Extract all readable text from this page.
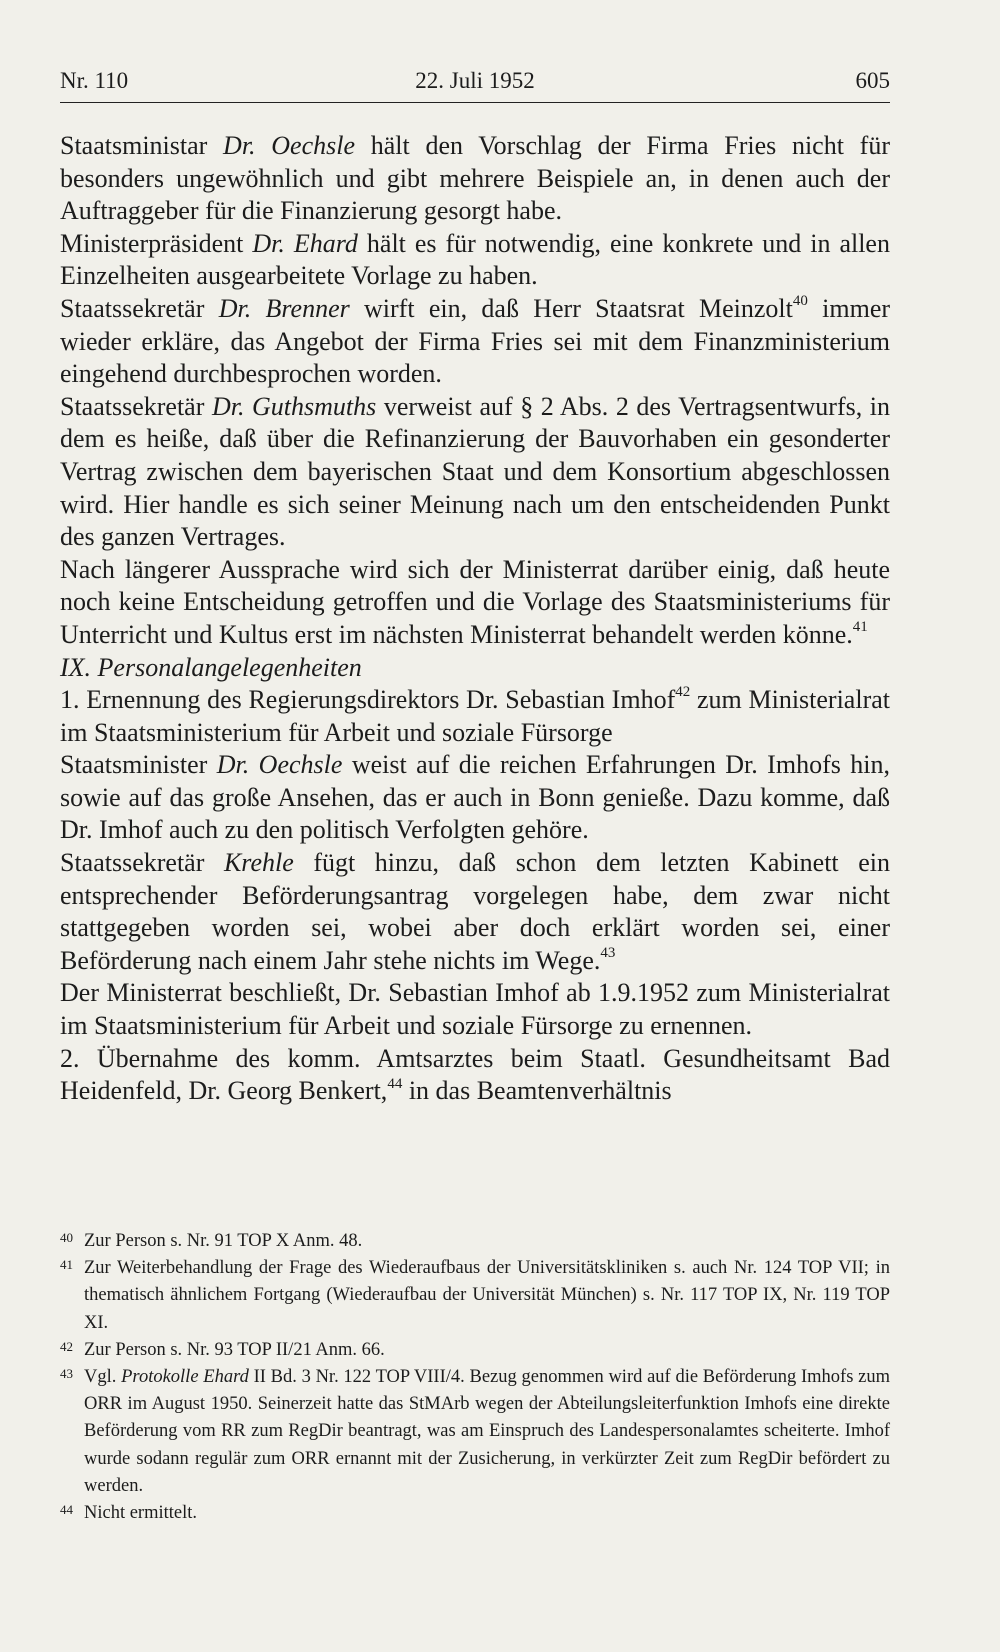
Nr. 110	22. Juli 1952	605

Staatsministar Dr. Oechsle hält den Vorschlag der Firma Fries nicht für besonders ungewöhnlich und gibt mehrere Beispiele an, in denen auch der Auftraggeber für die Finanzierung gesorgt habe.

Ministerpräsident Dr. Ehard hält es für notwendig, eine konkrete und in allen Einzelheiten ausgearbeitete Vorlage zu haben.

Staatssekretär Dr. Brenner wirft ein, daß Herr Staatsrat Meinzolt$^{40}$ immer wieder erkläre, das Angebot der Firma Fries sei mit dem Finanzministerium eingehend durchbesprochen worden.

Staatssekretär Dr. Guthsmuths verweist auf § 2 Abs. 2 des Vertragsentwurfs, in dem es heiße, daß über die Refinanzierung der Bauvorhaben ein gesonderter Vertrag zwischen dem bayerischen Staat und dem Konsortium abgeschlossen wird. Hier handle es sich seiner Meinung nach um den entscheidenden Punkt des ganzen Vertrages.

Nach längerer Aussprache wird sich der Ministerrat darüber einig, daß heute noch keine Entscheidung getroffen und die Vorlage des Staatsministeriums für Unterricht und Kultus erst im nächsten Ministerrat behandelt werden könne.$^{41}$

IX. Personalangelegenheiten

1. Ernennung des Regierungsdirektors Dr. Sebastian Imhof$^{42}$ zum Ministerialrat im Staatsministerium für Arbeit und soziale Fürsorge

Staatsminister Dr. Oechsle weist auf die reichen Erfahrungen Dr. Imhofs hin, sowie auf das große Ansehen, das er auch in Bonn genieße. Dazu komme, daß Dr. Imhof auch zu den politisch Verfolgten gehöre.

Staatssekretär Krehle fügt hinzu, daß schon dem letzten Kabinett ein entsprechender Beförderungsantrag vorgelegen habe, dem zwar nicht stattgegeben worden sei, wobei aber doch erklärt worden sei, einer Beförderung nach einem Jahr stehe nichts im Wege.$^{43}$

Der Ministerrat beschließt, Dr. Sebastian Imhof ab 1.9.1952 zum Ministerialrat im Staatsministerium für Arbeit und soziale Fürsorge zu ernennen.

2. Übernahme des komm. Amtsarztes beim Staatl. Gesundheitsamt Bad Heidenfeld, Dr. Georg Benkert,$^{44}$ in das Beamtenverhältnis

40 Zur Person s. Nr. 91 TOP X Anm. 48.
41 Zur Weiterbehandlung der Frage des Wiederaufbaus der Universitätskliniken s. auch Nr. 124 TOP VII; in thematisch ähnlichem Fortgang (Wiederaufbau der Universität München) s. Nr. 117 TOP IX, Nr. 119 TOP XI.
42 Zur Person s. Nr. 93 TOP II/21 Anm. 66.
43 Vgl. Protokolle Ehard II Bd. 3 Nr. 122 TOP VIII/4. Bezug genommen wird auf die Beförderung Imhofs zum ORR im August 1950. Seinerzeit hatte das StMArb wegen der Abteilungsleiterfunktion Imhofs eine direkte Beförderung vom RR zum RegDir beantragt, was am Einspruch des Landespersonalamtes scheiterte. Imhof wurde sodann regulär zum ORR ernannt mit der Zusicherung, in verkürzter Zeit zum RegDir befördert zu werden.
44 Nicht ermittelt.
